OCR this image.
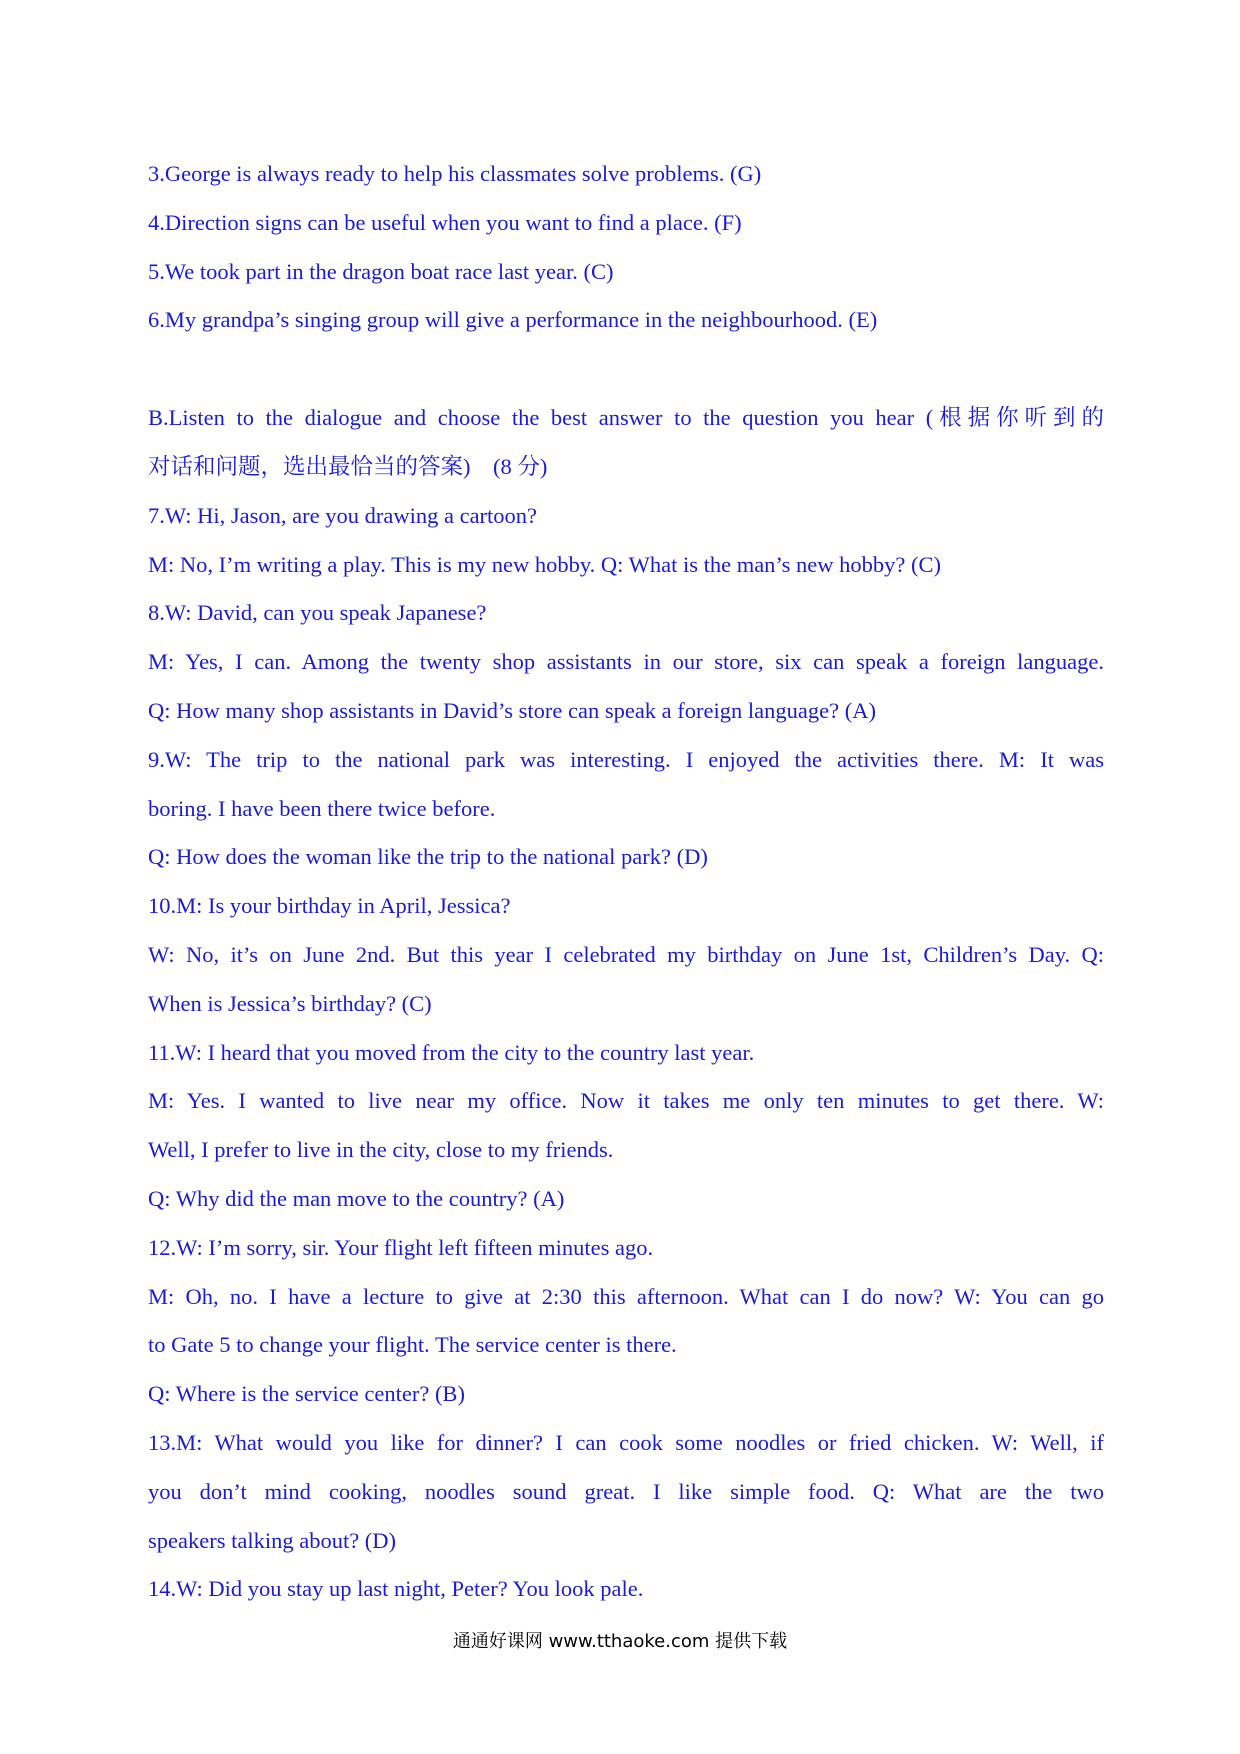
3.George is always ready to help his classmates solve problems. (G)
4.Direction signs can be useful when you want to find a place. (F)
5.We took part in the dragon boat race last year. (C)
6.My grandpa’s singing group will give a performance in the neighbourhood. (E)
B.Listen to the dialogue and choose the best answer to the question you hear (根据你听到的
对话和问题，选出最恰当的答案)　(8 分)
7.W: Hi, Jason, are you drawing a cartoon?
M: No, I’m writing a play. This is my new hobby. Q: What is the man’s new hobby? (C)
8.W: David, can you speak Japanese?
M: Yes, I can. Among the twenty shop assistants in our store, six can speak a foreign language.
Q: How many shop assistants in David’s store can speak a foreign language? (A)
9.W: The trip to the national park was interesting. I enjoyed the activities there. M: It was
boring. I have been there twice before.
Q: How does the woman like the trip to the national park? (D)
10.M: Is your birthday in April, Jessica?
W: No, it’s on June 2nd. But this year I celebrated my birthday on June 1st, Children’s Day. Q:
When is Jessica’s birthday? (C)
11.W: I heard that you moved from the city to the country last year.
M: Yes. I wanted to live near my office. Now it takes me only ten minutes to get there. W:
Well, I prefer to live in the city, close to my friends.
Q: Why did the man move to the country? (A)
12.W: I’m sorry, sir. Your flight left fifteen minutes ago.
M: Oh, no. I have a lecture to give at 2:30 this afternoon. What can I do now? W: You can go
to Gate 5 to change your flight. The service center is there.
Q: Where is the service center? (B)
13.M: What would you like for dinner? I can cook some noodles or fried chicken. W: Well, if
you don’t mind cooking, noodles sound great. I like simple food. Q: What are the two
speakers talking about? (D)
14.W: Did you stay up last night, Peter? You look pale.
通通好课网 www.tthaoke.com 提供下载
